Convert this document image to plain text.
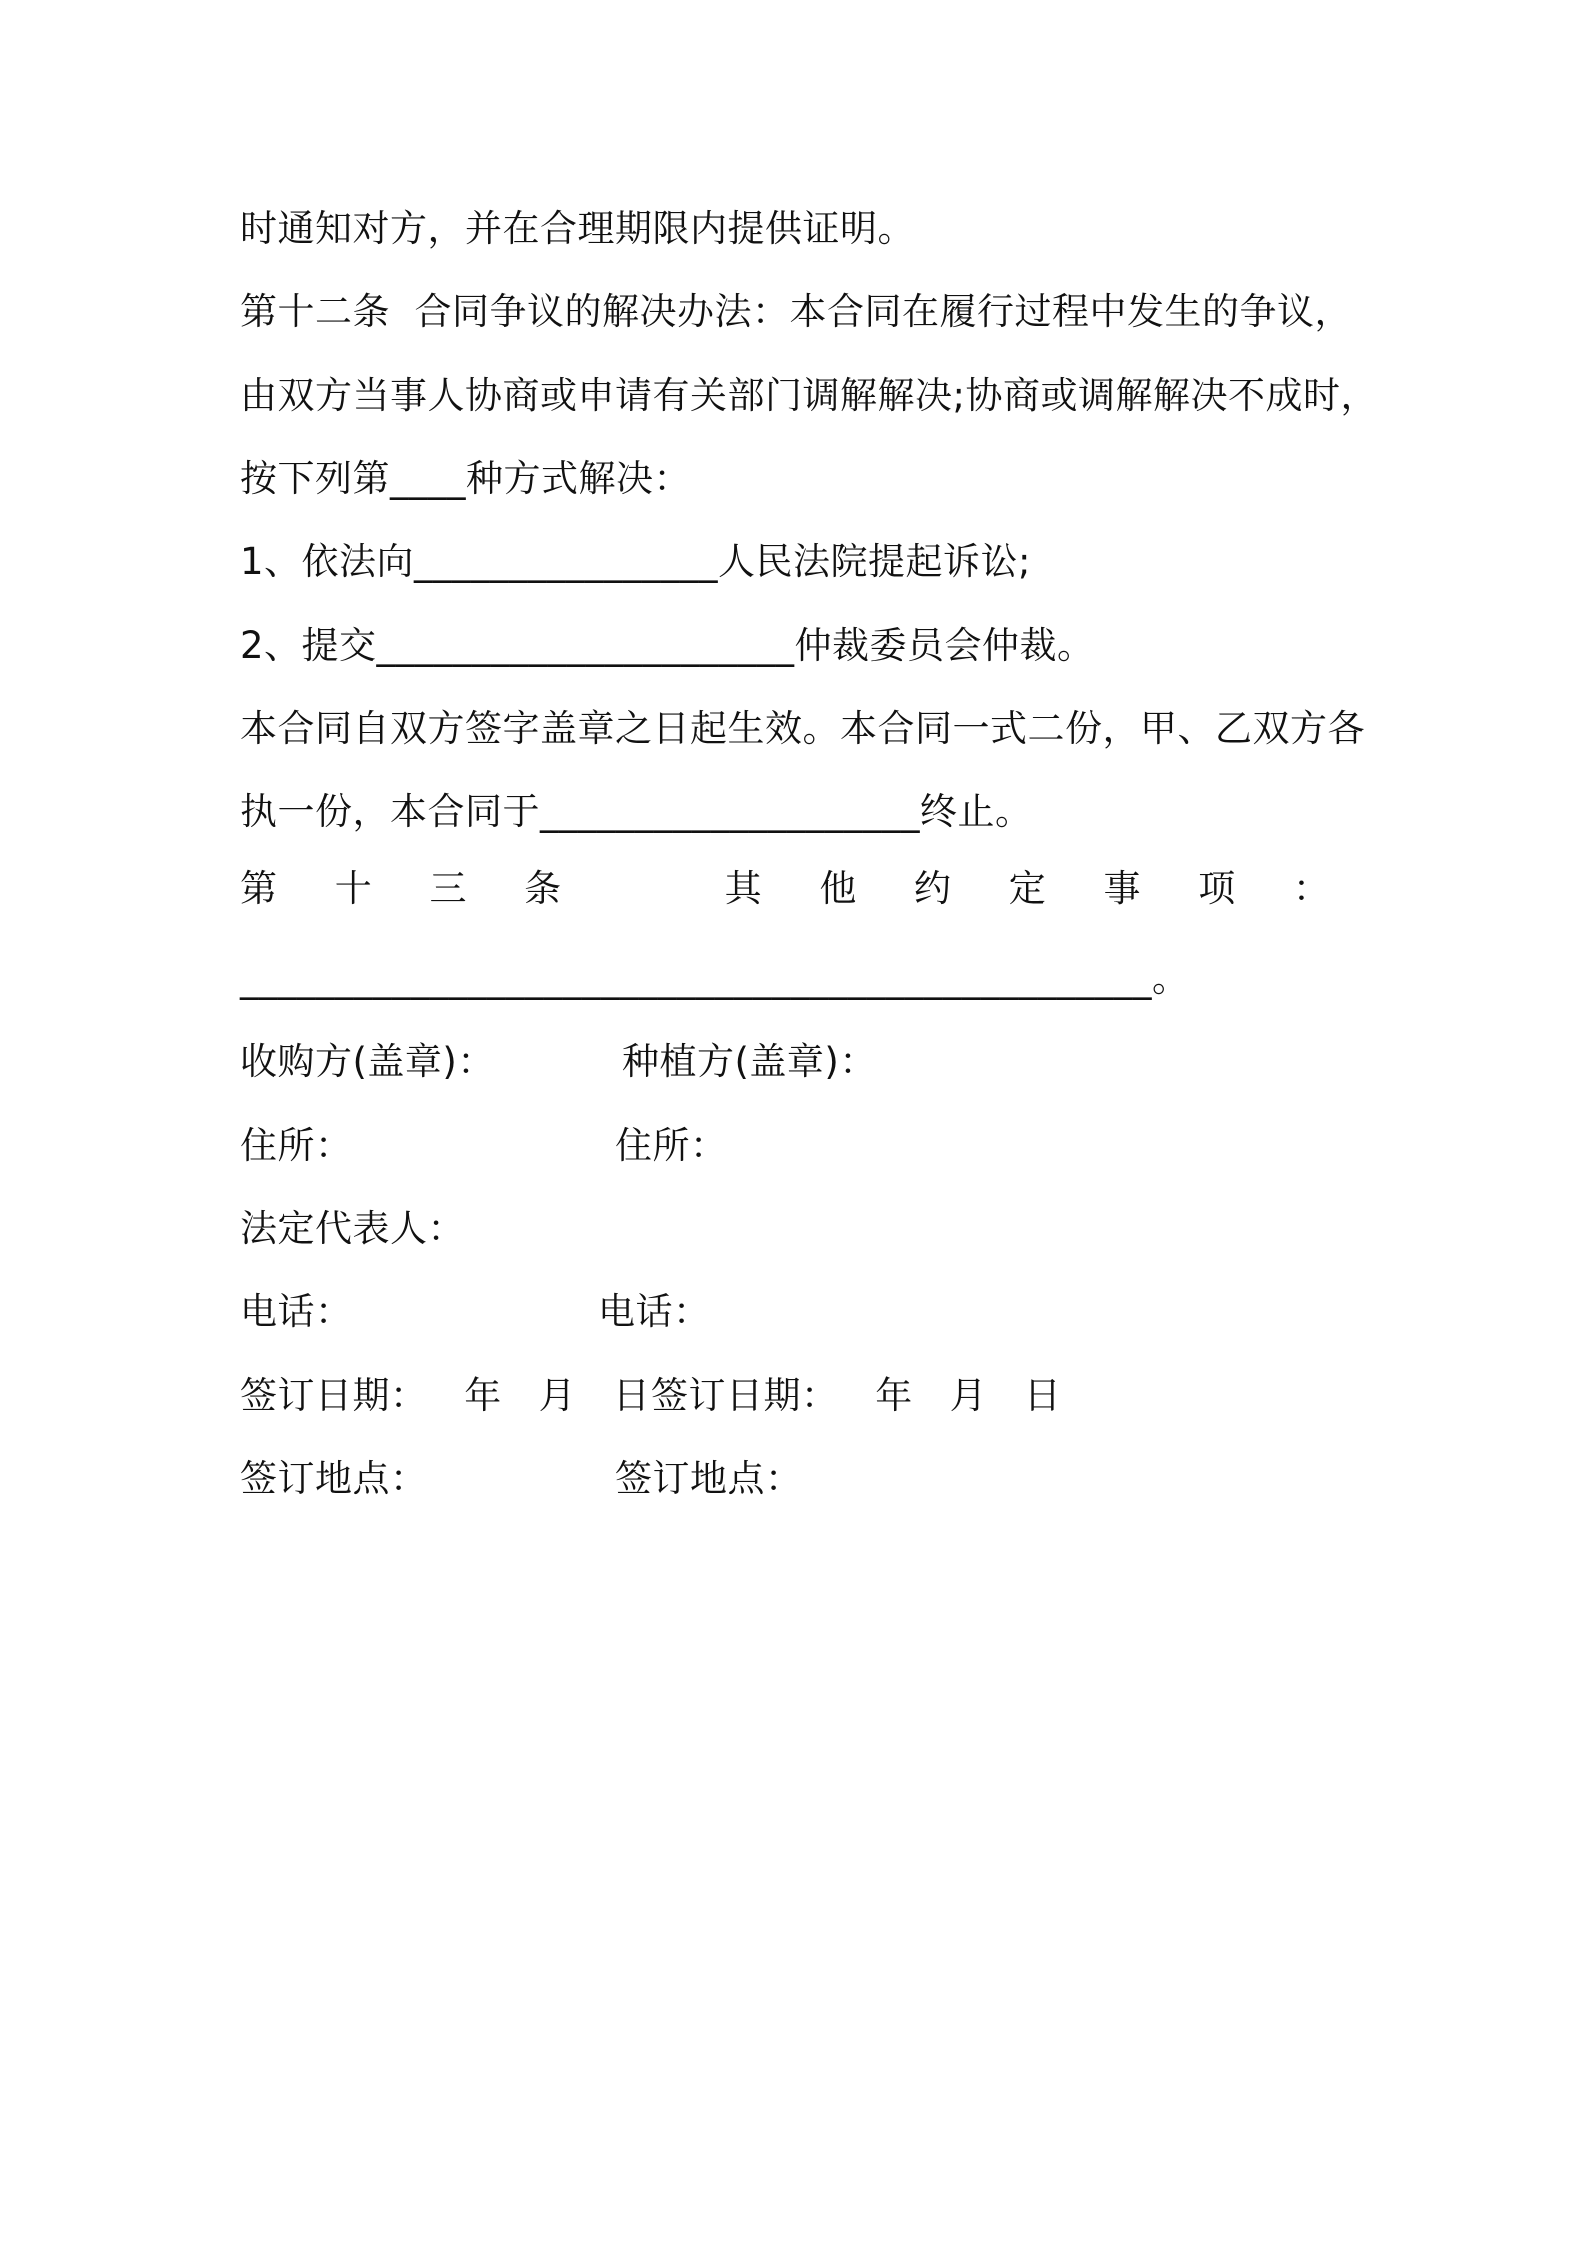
时通知对方，并在合理期限内提供证明。
第十二条  合同争议的解决办法：本合同在履行过程中发生的争议，
由双方当事人协商或申请有关部门调解解决;协商或调解解决不成时，
按下列第____种方式解决：
1、依法向________________人民法院提起诉讼;
2、提交______________________仲裁委员会仲裁。
本合同自双方签字盖章之日起生效。本合同一式二份，甲、乙双方各
执一份，本合同于____________________终止。
第 十 三 条	其 他 约 定 事 项 ：
________________________________________________。
收购方(盖章)：	种植方(盖章)：
住所：	住所：
法定代表人：
电话：	电话：
签订日期：   年   月   日 签订日期：   年   月   日
签订地点：	签订地点：
